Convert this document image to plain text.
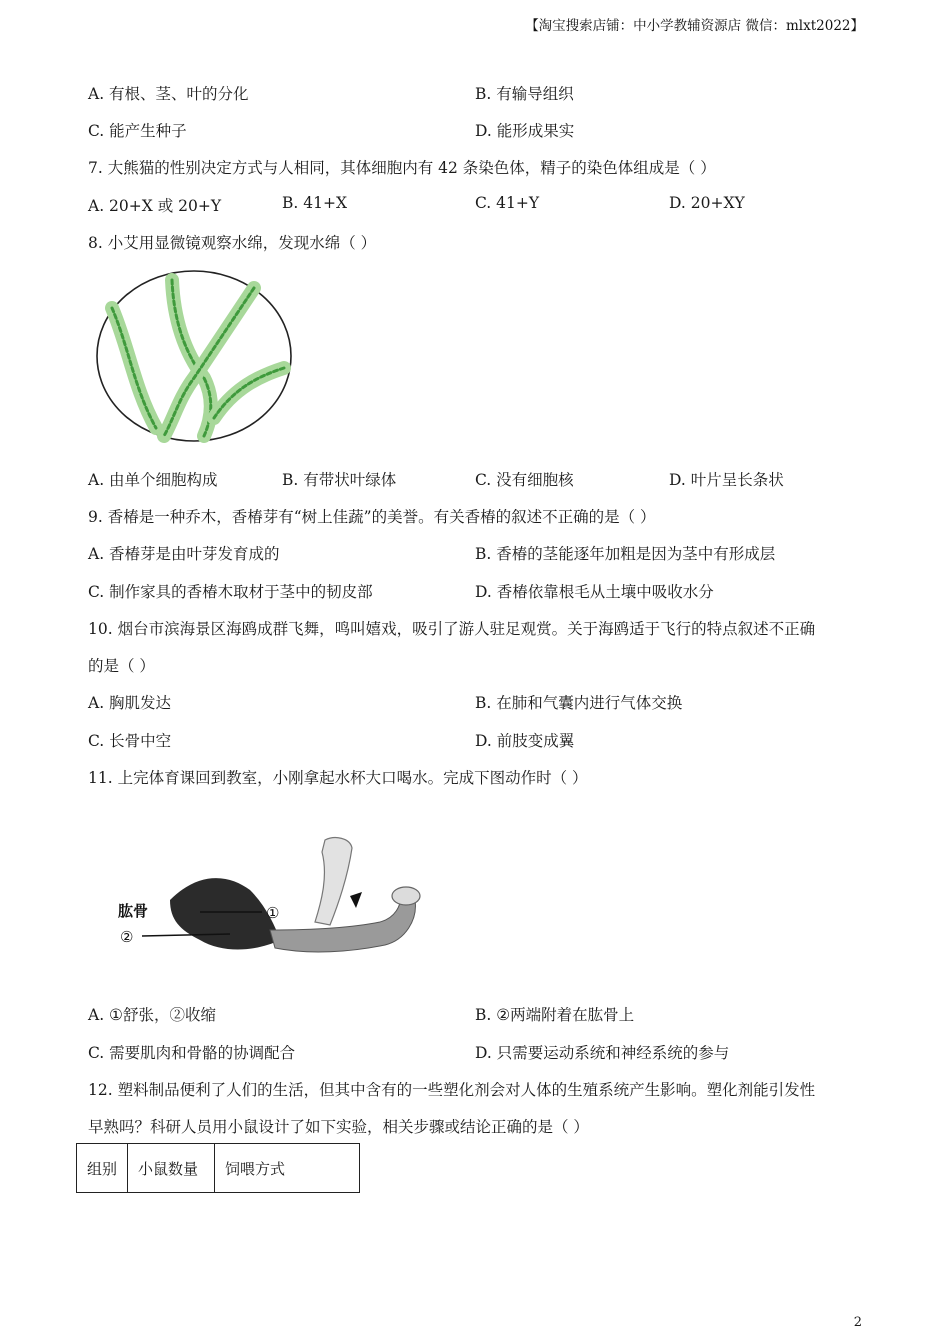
【淘宝搜索店铺：中小学教辅资源店 微信：mlxt2022】
A. 有根、茎、叶的分化	B. 有输导组织
C. 能产生种子	D. 能形成果实
7. 大熊猫的性别决定方式与人相同，其体细胞内有 42 条染色体，精子的染色体组成是（ ）
A. 20+X 或 20+Y	B. 41+X	C. 41+Y	D. 20+XY
8. 小艾用显微镜观察水绵，发现水绵（ ）
A. 由单个细胞构成	B. 有带状叶绿体	C. 没有细胞核	D. 叶片呈长条状
9. 香椿是一种乔木，香椿芽有“树上佳蔬”的美誉。有关香椿的叙述不正确的是（ ）
A. 香椿芽是由叶芽发育成的	B. 香椿的茎能逐年加粗是因为茎中有形成层
C. 制作家具的香椿木取材于茎中的韧皮部	D. 香椿依靠根毛从土壤中吸收水分
10. 烟台市滨海景区海鸥成群飞舞，鸣叫嬉戏，吸引了游人驻足观赏。关于海鸥适于飞行的特点叙述不正确
的是（ ）
A. 胸肌发达	B. 在肺和气囊内进行气体交换
C. 长骨中空	D. 前肢变成翼
11. 上完体育课回到教室，小刚拿起水杯大口喝水。完成下图动作时（ ）
肱骨	①
②
A. ①舒张，②收缩	B. ②两端附着在肱骨上
C. 需要肌肉和骨骼的协调配合	D. 只需要运动系统和神经系统的参与
12. 塑料制品便利了人们的生活，但其中含有的一些塑化剂会对人体的生殖系统产生影响。塑化剂能引发性
早熟吗？科研人员用小鼠设计了如下实验，相关步骤或结论正确的是（ ）
组别	小鼠数量	饲喂方式
2
